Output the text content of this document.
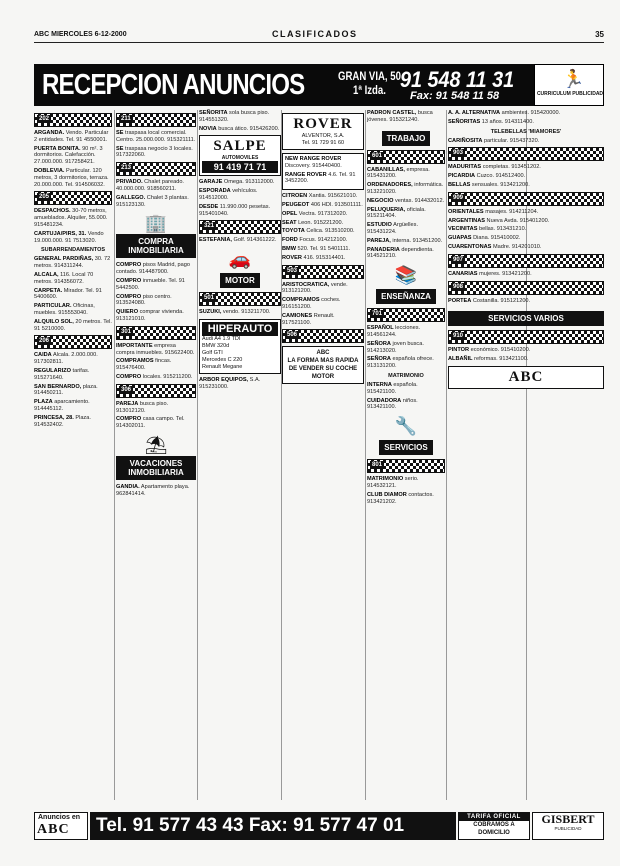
ABC MIERCOLES 6-12-2000	CLASIFICADOS	35
RECEPCION ANUNCIOS	GRAN VIA, 50
1ª Izda. 91 548 11 31
Fax: 91 548 11 58
🏃
CURRICULUM PUBLICIDAD
202
ARGANDA. Vendo. Particular 2 entidades. Tel. 91 4550001.
PUERTA BONITA. 90 m². 3 dormitorios. Calefacción. 27.000.000. 917258421.
DOBLEVIA. Particular. 120 metros, 3 dormitorios, terraza. 20.000.000. Tel. 914506032.
205
DESPACHOS. 30-70 metros, amueblados. Alquiler, 55.000. 915481234.
CARTUJA/PIRS, 31. Vendo 19.000.000. 91 7513020.
SUBARRENDAMIENTOS
GENERAL PARDIÑAS, 30. 72 metros. 914311244.
ALCALA, 116. Local 70 metros. 914356072.
CARPETA. Mirador. Tel. 91 5400600.
PARTICULAR. Oficinas, muebles. 915553040.
ALQUILO SOL, 20 metros. Tel. 91 5210000.
206
CAIDA Alcala. 2.000.000. 917302811.
REGULARIZO tarifas. 915271640.
SAN BERNARDO, plaza. 914450211.
PLAZA aparcamiento. 914445112.
PRINCESA, 28. Plaza. 914532402.
211
SE traspasa local comercial. Centro. 25.000.000. 915321111.
SE traspasa negocio 3 locales. 917322060.
213
PRIVADO. Chalet pareado. 40.000.000. 918560211.
GALLEGO. Chalet 3 plantas. 915123130.
🏢
COMPRA INMOBILIARIA
COMPRO pisos Madrid, pago contado. 914487900.
COMPRO inmueble. Tel. 91 5442500.
COMPRO piso centro. 913524080.
QUIERO comprar vivienda. 913121010.
301
IMPORTANTE empresa compra inmuebles. 915622400.
COMPRAMOS fincas. 915476400.
COMPRO locales. 915211200.
306
PAREJA busca piso. 913012120.
COMPRO casa campo. Tel. 914302011.
⛱
VACACIONES INMOBILIARIA
GANDIA. Apartamento playa. 962841414.
SEÑORITA sola busca piso. 914551320.
NOVIA busca ático. 915426200.
SALPE
AUTOMOVILES
91 419 71 71
GARAJE Omega. 913112000.
ESPORADA vehículos. 914512000.
DESDE 11.990.000 pesetas. 915401040.
321
ESTEFANIA, Golf. 914361222.
🚗
MOTOR
501
SUZUKI, vendo. 913211700.
HIPERAUTO
Audi A4 1.9 TDI
BMW 320d
Golf GTI
Mercedes C 220
Renault Megane
ARBOR EQUIPOS, S.A. 915231000.
ROVER
ALVENTOR, S.A.
Tel. 91 729 91 60
NEW RANGE ROVER Discovery. 915440400.
RANGE ROVER 4.6. Tel. 91 3452200.
CITROEN Xantia. 915621010.
PEUGEOT 406 HDI. 913501111.
OPEL Vectra. 917312020.
SEAT Leon. 915221200.
TOYOTA Celica. 913510200.
FORD Focus. 914212100.
BMW 520. Tel. 91 5401111.
ROVER 416. 915314401.
503
ARISTOCRATICA, vende. 913121200.
COMPRAMOS coches. 916151200.
CAMIONES Renault. 917521100.
506
ABC
LA FORMA MAS RAPIDA
DE VENDER SU COCHE
MOTOR
PADRON CASTEL, busca jóvenes. 915321240.
TRABAJO
601
CABANILLAS, empresa. 915431200.
ORDENADORES, informática. 913221020.
NEGOCIO ventas. 914432012.
PELUQUERIA, oficiala. 915211404.
ESTUDIO Argüelles. 915431224.
PAREJA, interna. 913451200.
PANADERIA dependienta. 914521210.
📚
ENSEÑANZA
701
ESPAÑOL lecciones. 914561244.
SEÑORA joven busca. 914213020.
SEÑORA española ofrece. 913131200.
MATRIMONIO
INTERNA española. 915421100.
CUIDADORA niños. 913421100.
🔧
SERVICIOS
801
MATRIMONIO serio. 914532121.
CLUB DIAMOR contactos. 913421202.
A. A. ALTERNATIVA ambientes. 915420000.
SEÑORITAS 13 años. 914311400.
TELEBELLAS 'MIAMORES'
CARIÑOSITA particular. 915437320.
903
MADURITAS completas. 913451202.
PICARDIA Cuzco. 914512400.
BELLAS sensuales. 913421200.
909
ORIENTALES masajes. 914211204.
ARGENTINAS Nueva Avda. 915401200.
VECINITAS bellas. 913431210.
GUAPAS Diana. 915410002.
CUARENTONAS Madre. 914201010.
907
CANARIAS mujeres. 913421200.
908
PORTEA Costanilla. 915121200.
SERVICIOS VARIOS
910
PINTOR económico. 915410200.
ALBAÑIL reformas. 913421100.
ABC
Anuncios en
ABC	Tel. 91 577 43 43 Fax: 91 577 47 01	TARIFA OFICIAL
COBRAMOS A DOMICILIO
GISBERT
PUBLICIDAD
